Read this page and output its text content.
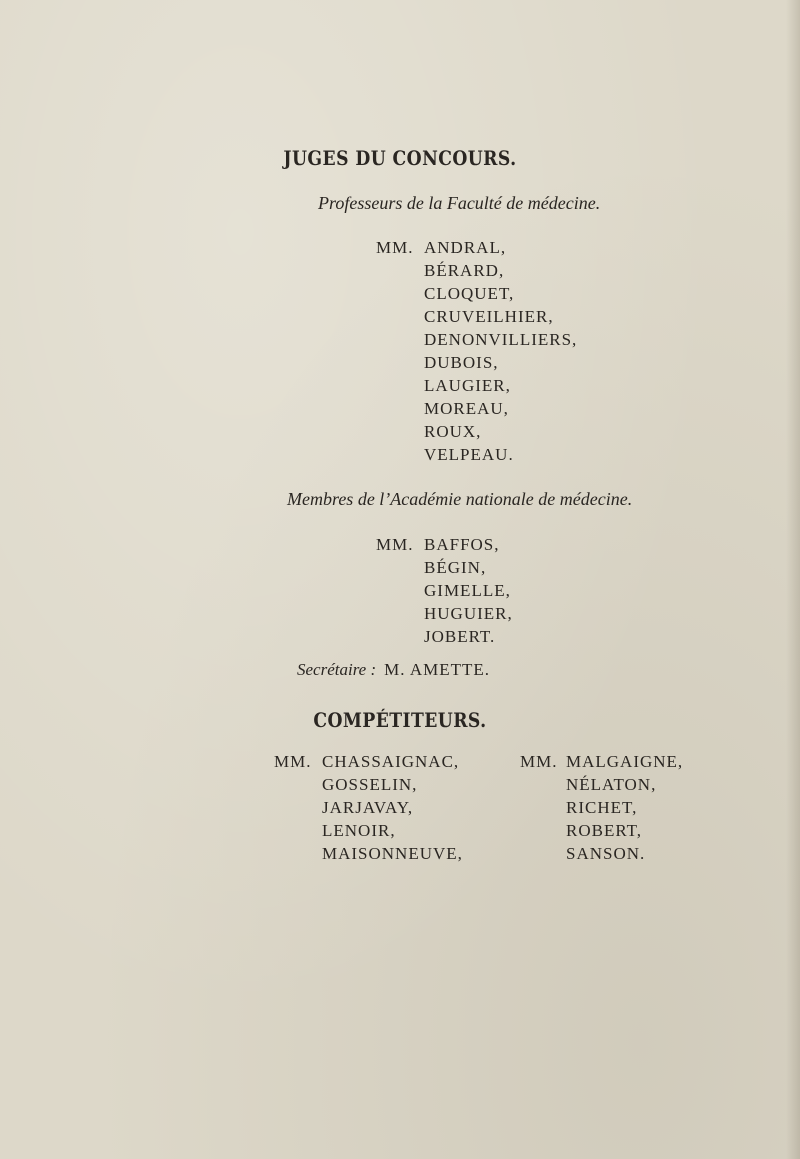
JUGES DU CONCOURS.
Professeurs de la Faculté de médecine.
MM. ANDRAL,
BÉRARD,
CLOQUET,
CRUVEILHIER,
DENONVILLIERS,
DUBOIS,
LAUGIER,
MOREAU,
ROUX,
VELPEAU.
Membres de l’Académie nationale de médecine.
MM. BAFFOS,
BÉGIN,
GIMELLE,
HUGUIER,
JOBERT.
Secrétaire : M. AMETTE.
COMPÉTITEURS.
MM. CHASSAIGNAC,
GOSSELIN,
JARJAVAY,
LENOIR,
MAISONNEUVE,
MM. MALGAIGNE,
NÉLATON,
RICHET,
ROBERT,
SANSON.
